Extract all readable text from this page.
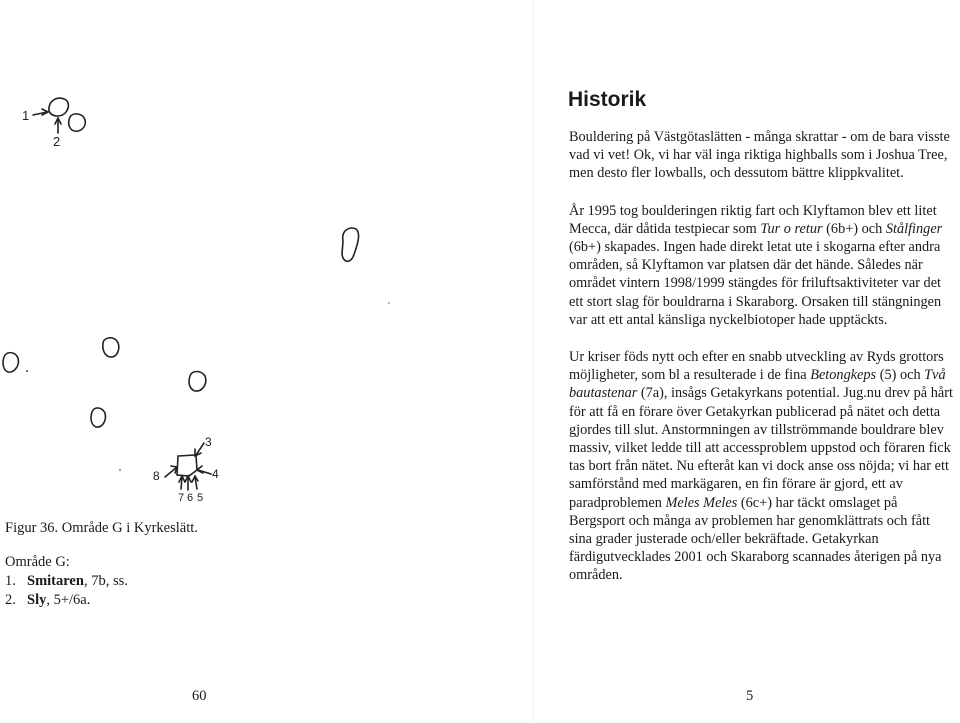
1
2
3
4
5
6
7
8

Figur 36. Område G i Kyrkeslätt.

Område G:

1. Smitaren, 7b, ss.
2. Sly, 5+/6a.
60
Historik

Bouldering på Västgötaslätten - många skrattar - om de bara visste vad vi vet! Ok, vi har väl inga riktiga highballs som i Joshua Tree, men desto fler lowballs, och dessutom bättre klippkvalitet.

År 1995 tog boulderingen riktig fart och Klyftamon blev ett litet Mecca, där dåtida testpiecar som Tur o retur (6b+) och Stålfinger (6b+) skapades. Ingen hade direkt letat ute i skogarna efter andra områden, så Klyftamon var platsen där det hände. Således när området vintern 1998/1999 stängdes för friluftsaktiviteter var det ett stort slag för bouldrarna i Skaraborg. Orsaken till stängningen var att ett antal känsliga nyckelbiotoper hade upptäckts.

Ur kriser föds nytt och efter en snabb utveckling av Ryds grottors möjligheter, som bl a resulterade i de fina Betongkeps (5) och Två bautastenar (7a), insågs Getakyrkans potential. Jug.nu drev på hårt för att få en förare över Getakyrkan publicerad på nätet och detta gjordes till slut. Anstormningen av tillströmmande bouldrare blev massiv, vilket ledde till att accessproblem uppstod och föraren fick tas bort från nätet. Nu efteråt kan vi dock anse oss nöjda; vi har ett samförstånd med markägaren, en fin förare är gjord, ett av paradproblemen Meles Meles (6c+) har täckt omslaget på Bergsport och många av problemen har genomklättrats och fått sina grader justerade och/eller bekräftade. Getakyrkan färdigutvecklades 2001 och Skaraborg scannades återigen på nya områden.

5
